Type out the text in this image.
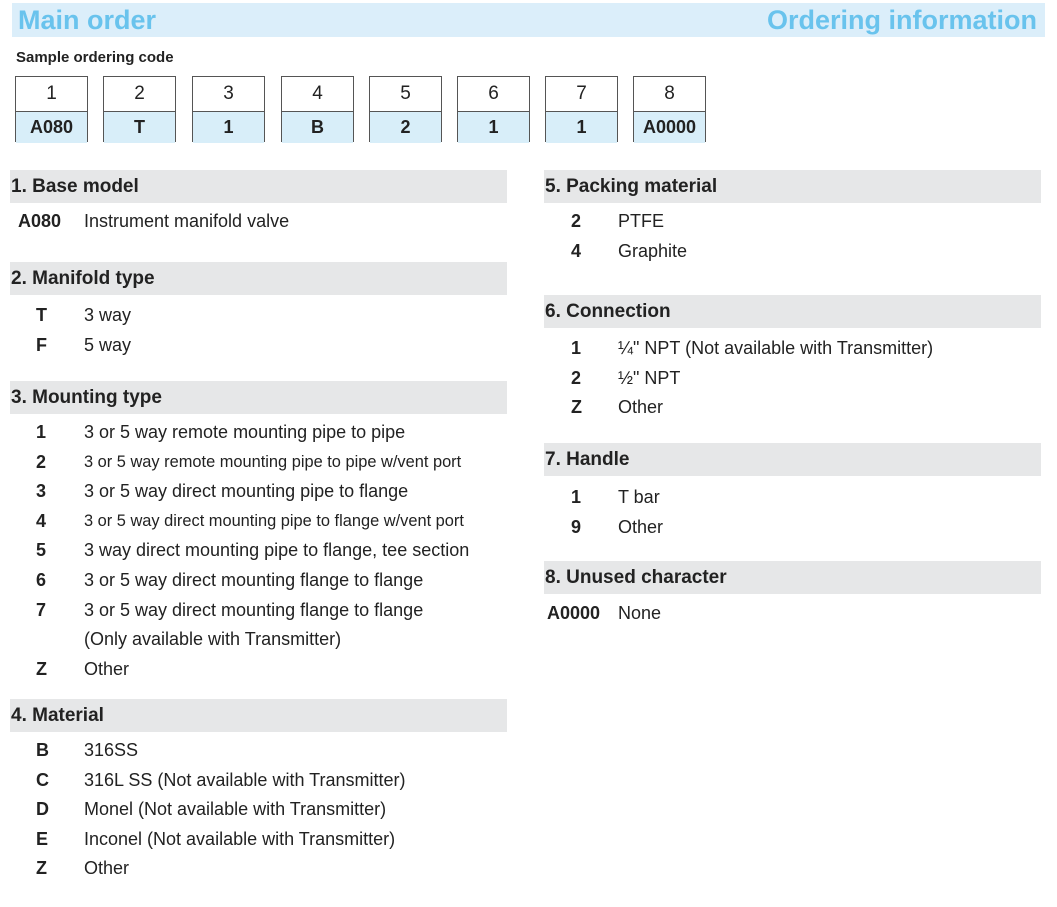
Main order	Ordering information
Sample ordering code
1
A080
2
T
3
1
4
B
5
2
6
1
7
1
8
A0000
1. Base model
A080 Instrument manifold valve
2. Manifold type
T 3 way
F 5 way
3. Mounting type
1 3 or 5 way remote mounting pipe to pipe
2 3 or 5 way remote mounting pipe to pipe w/vent port
3 3 or 5 way direct mounting pipe to flange
4 3 or 5 way direct mounting pipe to flange w/vent port
5 3 way direct mounting pipe to flange, tee section
6 3 or 5 way direct mounting flange to flange
7 3 or 5 way direct mounting flange to flange
(Only available with Transmitter)
Z Other
4. Material
B 316SS
C 316L SS (Not available with Transmitter)
D Monel (Not available with Transmitter)
E Inconel (Not available with Transmitter)
Z Other
5. Packing material
2 PTFE
4 Graphite
6. Connection
1 ¼" NPT (Not available with Transmitter)
2 ½" NPT
Z Other
7. Handle
1 T bar
9 Other
8. Unused character
A0000 None
